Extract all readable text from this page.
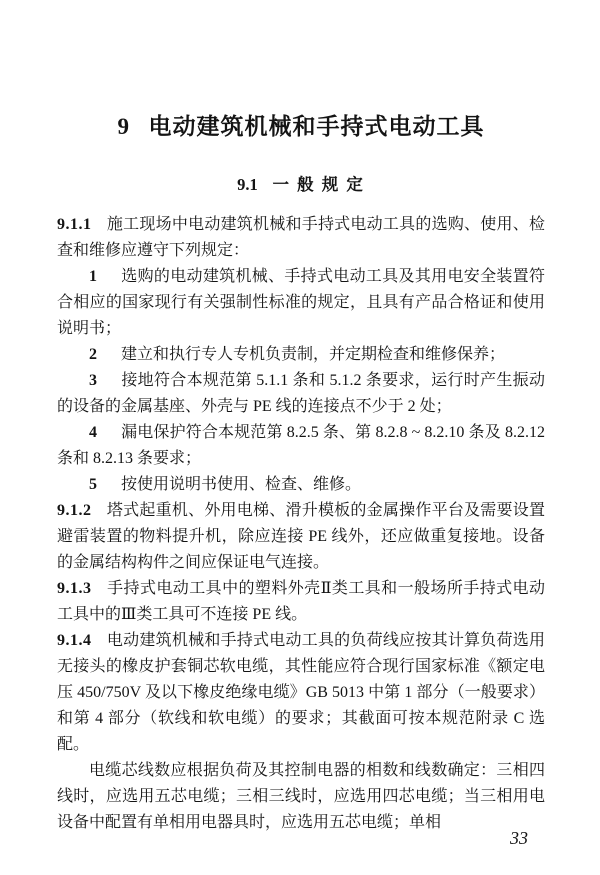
9 电动建筑机械和手持式电动工具
9.1 一 般 规 定

9.1.1 施工现场中电动建筑机械和手持式电动工具的选购、使用、检查和维修应遵守下列规定：

1 选购的电动建筑机械、手持式电动工具及其用电安全装置符合相应的国家现行有关强制性标准的规定，且具有产品合格证和使用说明书；

2 建立和执行专人专机负责制，并定期检查和维修保养；

3 接地符合本规范第 5.1.1 条和 5.1.2 条要求，运行时产生振动的设备的金属基座、外壳与 PE 线的连接点不少于 2 处；

4 漏电保护符合本规范第 8.2.5 条、第 8.2.8 ~ 8.2.10 条及 8.2.12 条和 8.2.13 条要求；

5 按使用说明书使用、检查、维修。

9.1.2 塔式起重机、外用电梯、滑升模板的金属操作平台及需要设置避雷装置的物料提升机，除应连接 PE 线外，还应做重复接地。设备的金属结构构件之间应保证电气连接。

9.1.3 手持式电动工具中的塑料外壳Ⅱ类工具和一般场所手持式电动工具中的Ⅲ类工具可不连接 PE 线。

9.1.4 电动建筑机械和手持式电动工具的负荷线应按其计算负荷选用无接头的橡皮护套铜芯软电缆，其性能应符合现行国家标准《额定电压 450/750V 及以下橡皮绝缘电缆》GB 5013 中第 1 部分（一般要求）和第 4 部分（软线和软电缆）的要求；其截面可按本规范附录 C 选配。

电缆芯线数应根据负荷及其控制电器的相数和线数确定：三相四线时，应选用五芯电缆；三相三线时，应选用四芯电缆；当三相用电设备中配置有单相用电器具时，应选用五芯电缆；单相

33
